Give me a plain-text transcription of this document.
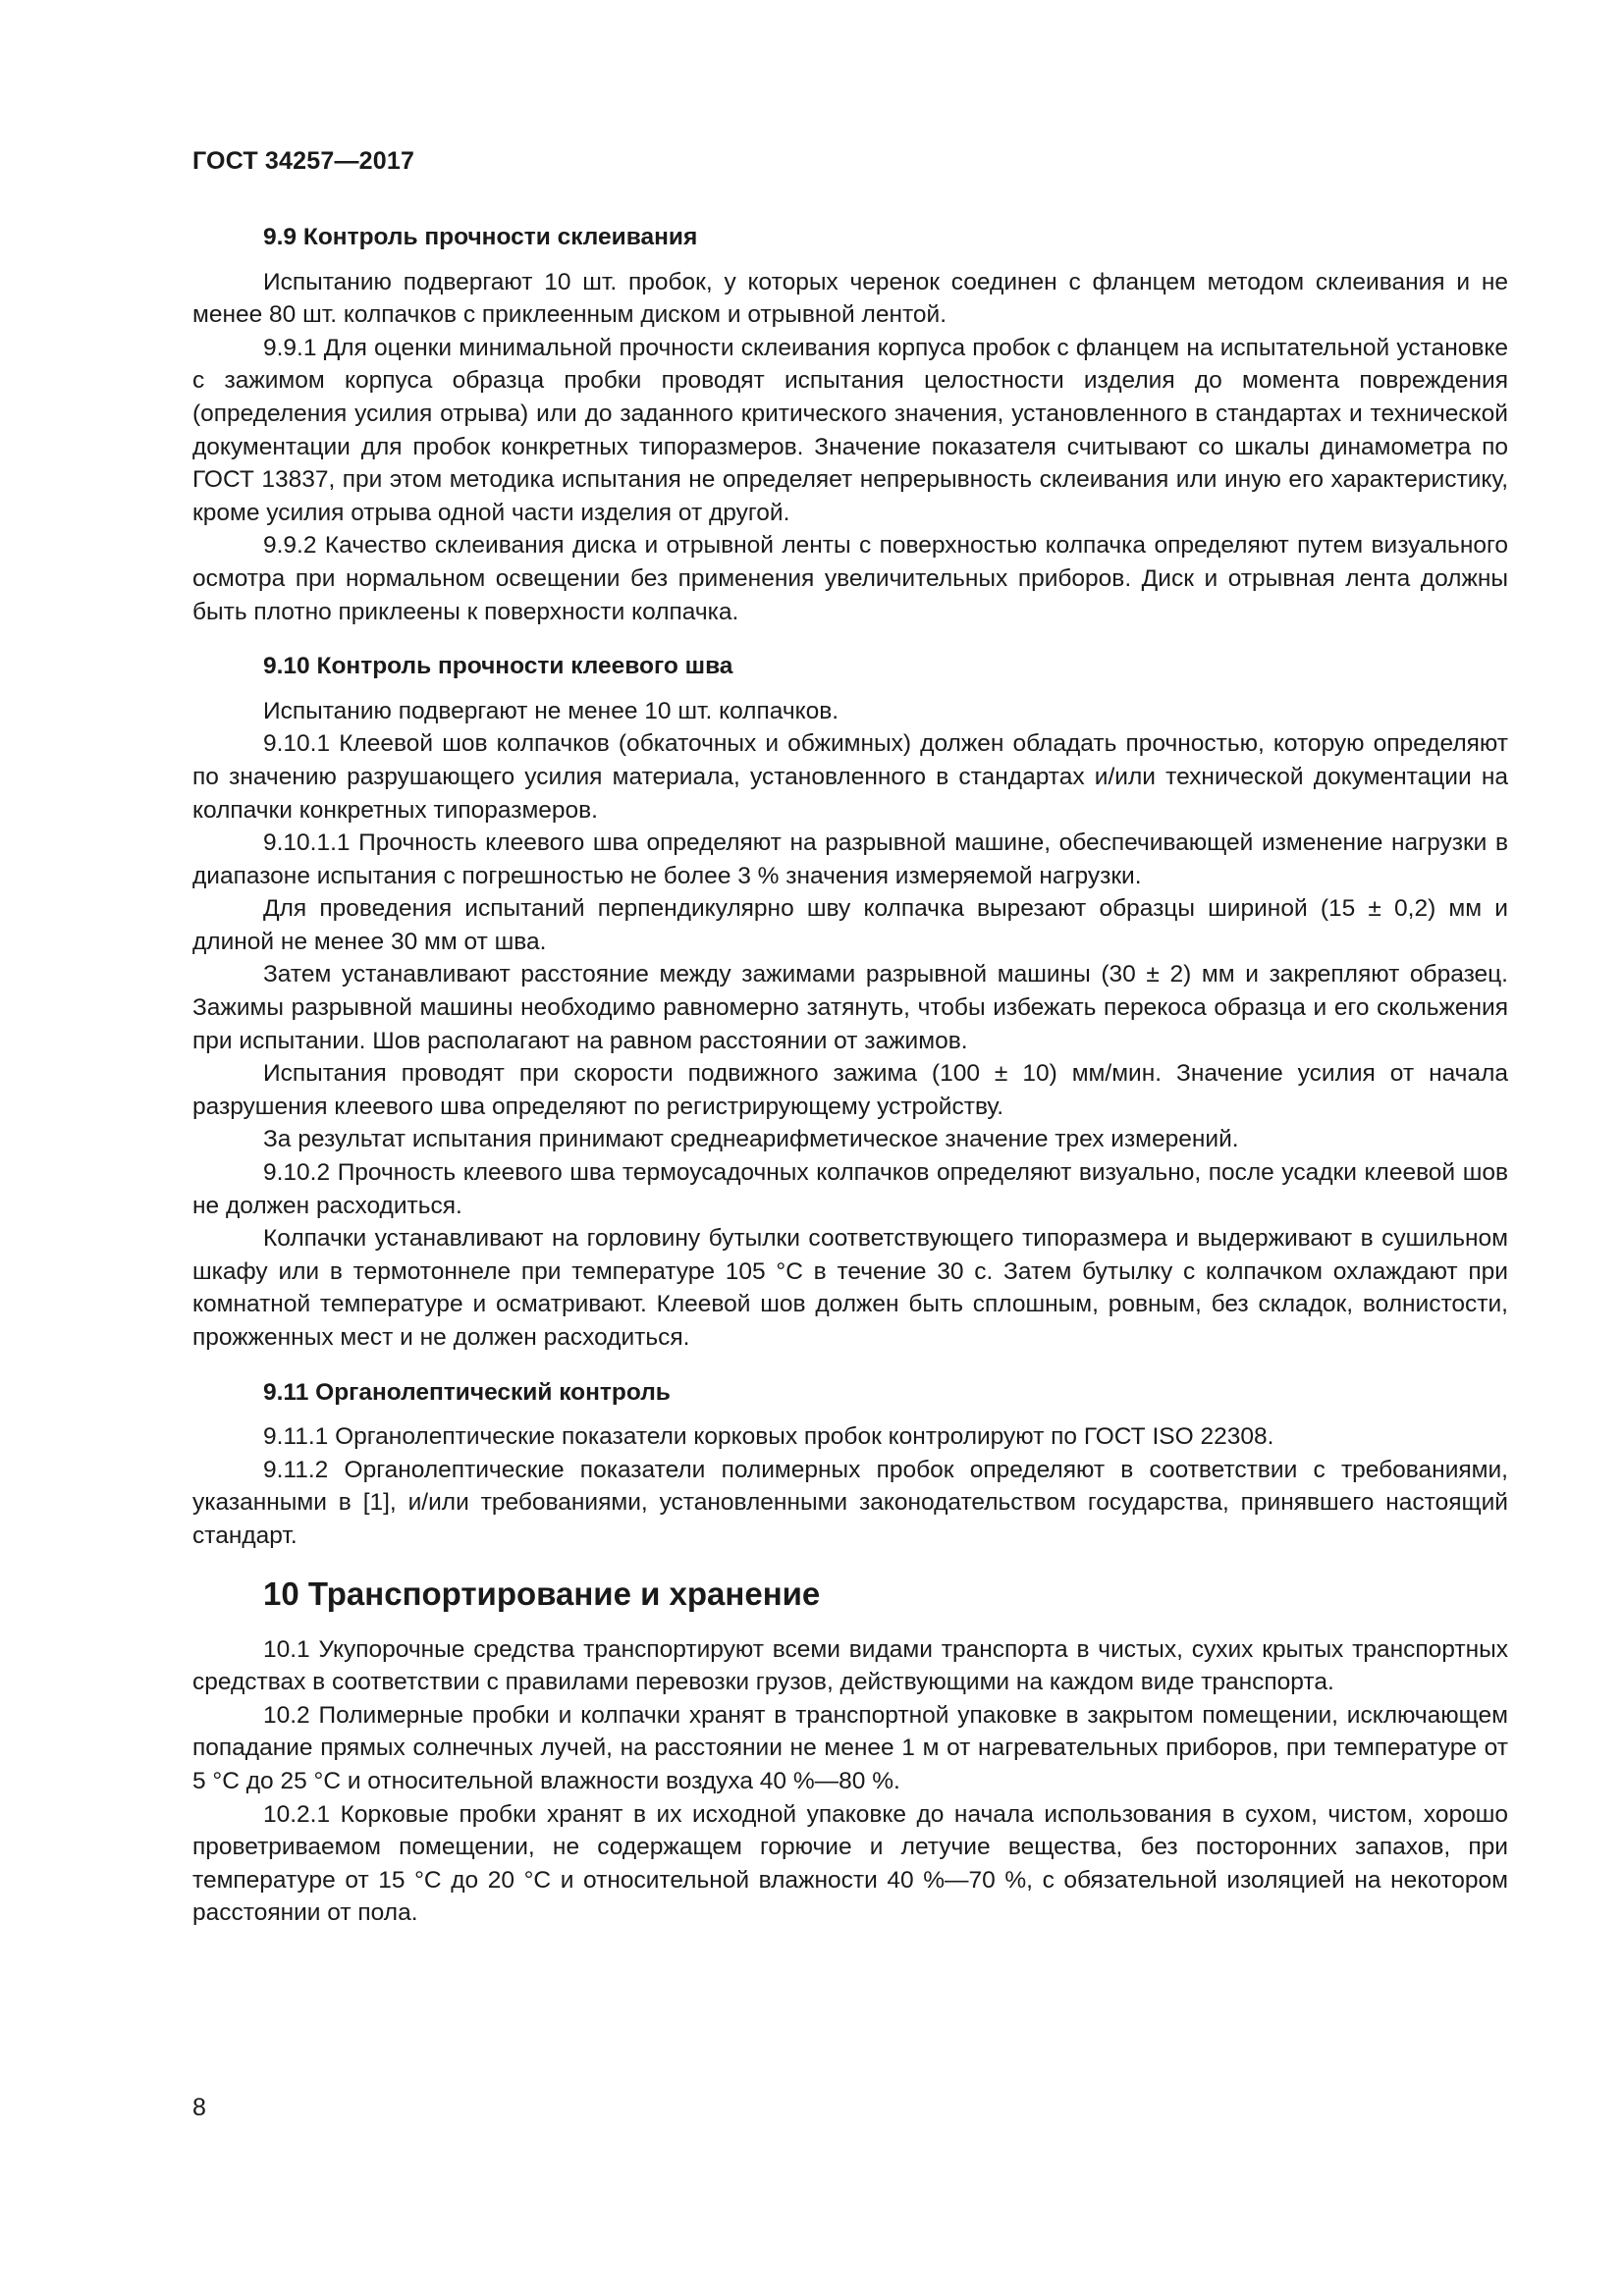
ГОСТ 34257—2017
9.9 Контроль прочности склеивания

Испытанию подвергают 10 шт. пробок, у которых черенок соединен с фланцем методом склеивания и не менее 80 шт. колпачков с приклеенным диском и отрывной лентой.

9.9.1 Для оценки минимальной прочности склеивания корпуса пробок с фланцем на испытательной установке с зажимом корпуса образца пробки проводят испытания целостности изделия до момента повреждения (определения усилия отрыва) или до заданного критического значения, установленного в стандартах и технической документации для пробок конкретных типоразмеров. Значение показателя считывают со шкалы динамометра по ГОСТ 13837, при этом методика испытания не определяет непрерывность склеивания или иную его характеристику, кроме усилия отрыва одной части изделия от другой.

9.9.2 Качество склеивания диска и отрывной ленты с поверхностью колпачка определяют путем визуального осмотра при нормальном освещении без применения увеличительных приборов. Диск и отрывная лента должны быть плотно приклеены к поверхности колпачка.

9.10 Контроль прочности клеевого шва

Испытанию подвергают не менее 10 шт. колпачков.

9.10.1 Клеевой шов колпачков (обкаточных и обжимных) должен обладать прочностью, которую определяют по значению разрушающего усилия материала, установленного в стандартах и/или технической документации на колпачки конкретных типоразмеров.

9.10.1.1 Прочность клеевого шва определяют на разрывной машине, обеспечивающей изменение нагрузки в диапазоне испытания с погрешностью не более 3 % значения измеряемой нагрузки.

Для проведения испытаний перпендикулярно шву колпачка вырезают образцы шириной (15 ± 0,2) мм и длиной не менее 30 мм от шва.

Затем устанавливают расстояние между зажимами разрывной машины (30 ± 2) мм и закрепляют образец. Зажимы разрывной машины необходимо равномерно затянуть, чтобы избежать перекоса образца и его скольжения при испытании. Шов располагают на равном расстоянии от зажимов.

Испытания проводят при скорости подвижного зажима (100 ± 10) мм/мин. Значение усилия от начала разрушения клеевого шва определяют по регистрирующему устройству.

За результат испытания принимают среднеарифметическое значение трех измерений.

9.10.2 Прочность клеевого шва термоусадочных колпачков определяют визуально, после усадки клеевой шов не должен расходиться.

Колпачки устанавливают на горловину бутылки соответствующего типоразмера и выдерживают в сушильном шкафу или в термотоннеле при температуре 105 °С в течение 30 с. Затем бутылку с колпачком охлаждают при комнатной температуре и осматривают. Клеевой шов должен быть сплошным, ровным, без складок, волнистости, прожженных мест и не должен расходиться.

9.11 Органолептический контроль

9.11.1 Органолептические показатели корковых пробок контролируют по ГОСТ ISO 22308.

9.11.2 Органолептические показатели полимерных пробок определяют в соответствии с требованиями, указанными в [1], и/или требованиями, установленными законодательством государства, принявшего настоящий стандарт.

10 Транспортирование и хранение

10.1 Укупорочные средства транспортируют всеми видами транспорта в чистых, сухих крытых транспортных средствах в соответствии с правилами перевозки грузов, действующими на каждом виде транспорта.

10.2 Полимерные пробки и колпачки хранят в транспортной упаковке в закрытом помещении, исключающем попадание прямых солнечных лучей, на расстоянии не менее 1 м от нагревательных приборов, при температуре от 5 °С до 25 °С и относительной влажности воздуха 40 %—80 %.

10.2.1 Корковые пробки хранят в их исходной упаковке до начала использования в сухом, чистом, хорошо проветриваемом помещении, не содержащем горючие и летучие вещества, без посторонних запахов, при температуре от 15 °С до 20 °С и относительной влажности 40 %—70 %, с обязательной изоляцией на некотором расстоянии от пола.

8
